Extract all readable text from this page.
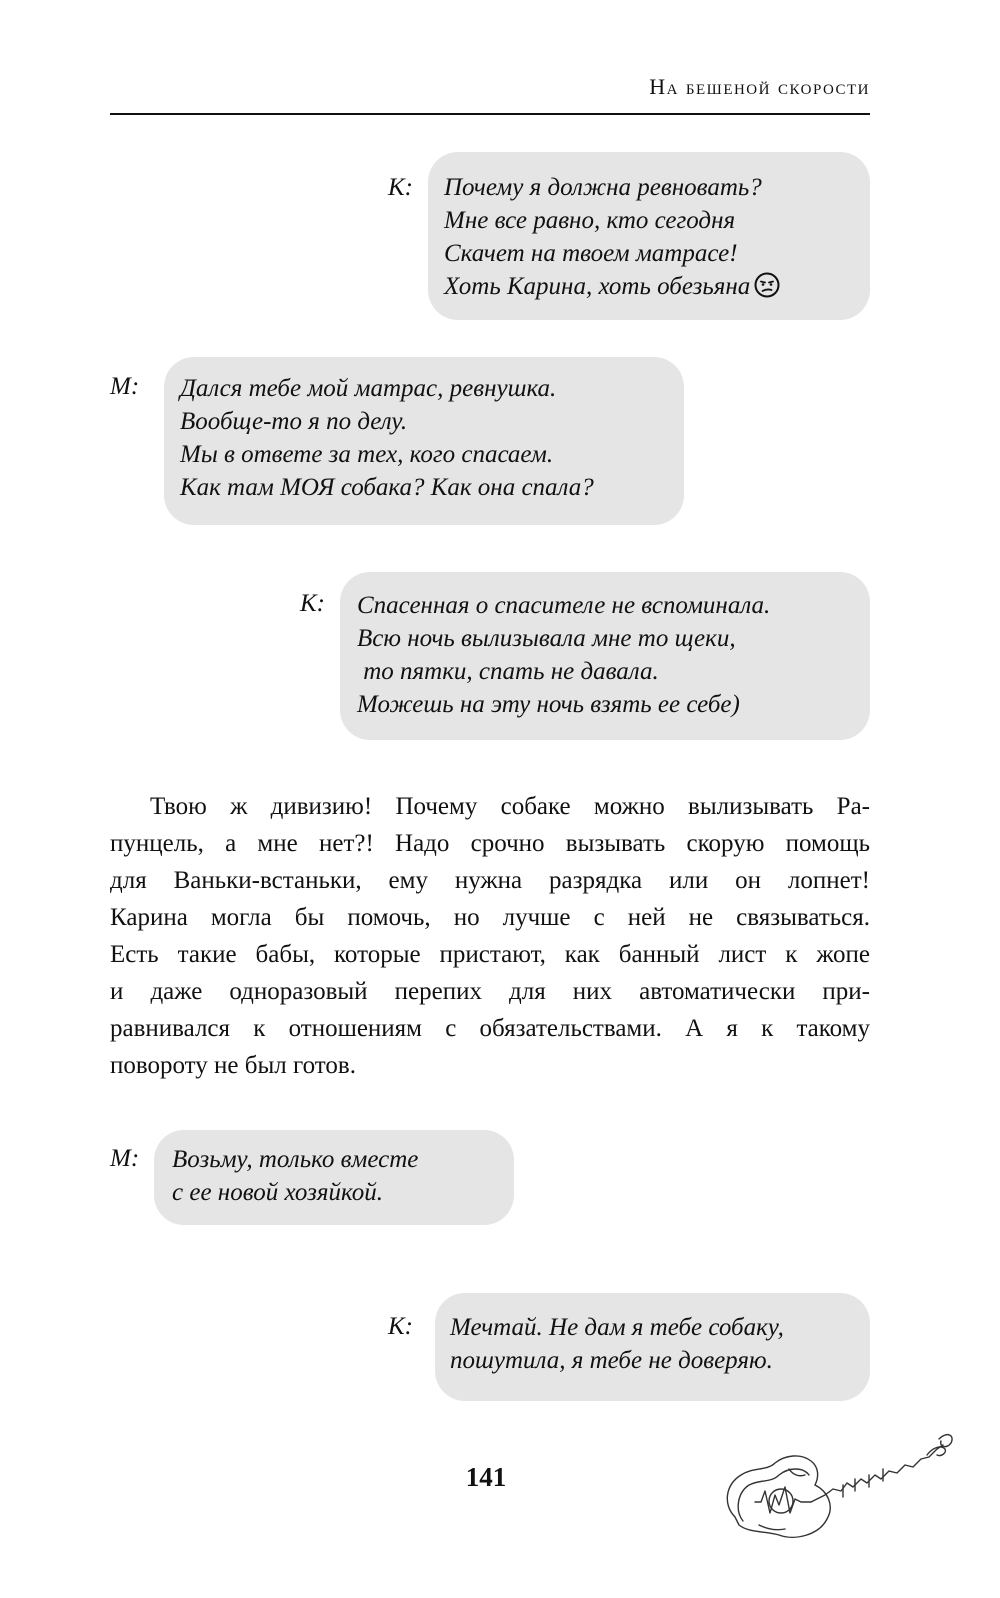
На бешеной скорости
К: Почему я должна ревновать?
Мне все равно, кто сегодня
Скачет на твоем матрасе!
Хоть Карина, хоть обезьяна
М: Дался тебе мой матрас, ревнушка.
Вообще-то я по делу.
Мы в ответе за тех, кого спасаем.
Как там МОЯ собака? Как она спала?
К: Спасенная о спасителе не вспоминала.
Всю ночь вылизывала мне то щеки,
то пятки, спать не давала.
Можешь на эту ночь взять ее себе)
Твою ж дивизию! Почему собаке можно вылизывать Ра-
пунцель, а мне нет?! Надо срочно вызывать скорую помощь
для Ваньки-встаньки, ему нужна разрядка или он лопнет!
Карина могла бы помочь, но лучше с ней не связываться.
Есть такие бабы, которые пристают, как банный лист к жопе
и даже одноразовый перепих для них автоматически при-
равнивался к отношениям с обязательствами. А я к такому
повороту не был готов.
М: Возьму, только вместе
с ее новой хозяйкой.
К: Мечтай. Не дам я тебе собаку,
пошутила, я тебе не доверяю.
141
